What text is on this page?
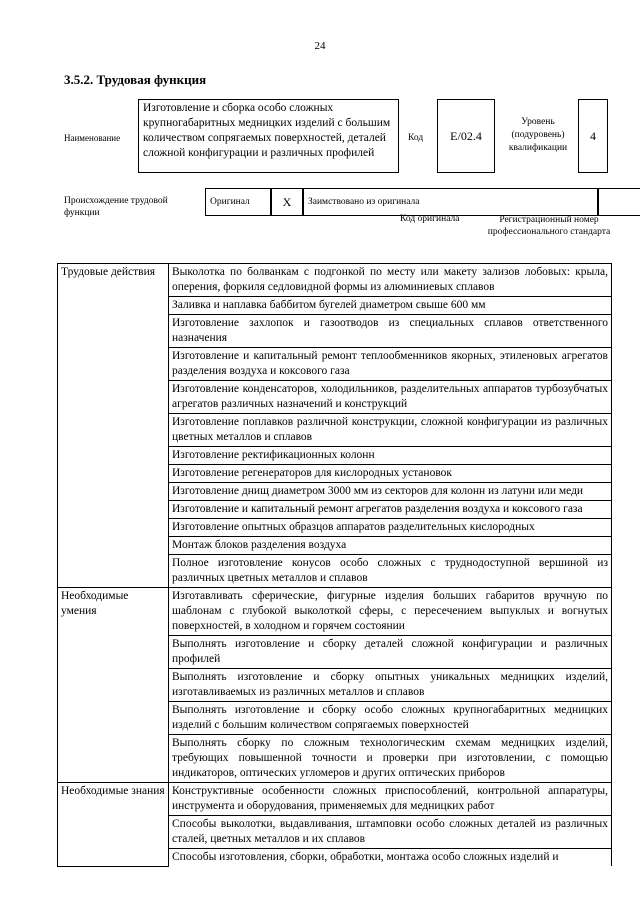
24
3.5.2. Трудовая функция
Наименование
Изготовление и сборка особо сложных крупногабаритных медницких изделий с большим количеством сопрягаемых поверхностей, деталей сложной конфигурации и различных профилей
Код	E/02.4
Уровень (подуровень) квалификации
4
Происхождение трудовой функции
Оригинал	X	Заимствовано из оригинала
Код оригинала	Регистрационный номер профессионального стандарта
Трудовые действия	Выколотка по болванкам с подгонкой по месту или макету зализов лобовых: крыла, оперения, форкиля седловидной формы из алюминиевых сплавов
	Заливка и наплавка баббитом бугелей диаметром свыше 600 мм
	Изготовление захлопок и газоотводов из специальных сплавов ответственного назначения
	Изготовление и капитальный ремонт теплообменников якорных, этиленовых агрегатов разделения воздуха и коксового газа
	Изготовление конденсаторов, холодильников, разделительных аппаратов турбозубчатых агрегатов различных назначений и конструкций
	Изготовление поплавков различной конструкции, сложной конфигурации из различных цветных металлов и сплавов
	Изготовление ректификационных колонн
	Изготовление регенераторов для кислородных установок
	Изготовление днищ диаметром 3000 мм из секторов для колонн из латуни или меди
	Изготовление и капитальный ремонт агрегатов разделения воздуха и коксового газа
	Изготовление опытных образцов аппаратов разделительных кислородных
	Монтаж блоков разделения воздуха
	Полное изготовление конусов особо сложных с труднодоступной вершиной из различных цветных металлов и сплавов
Необходимые умения	Изготавливать сферические, фигурные изделия больших габаритов вручную по шаблонам с глубокой выколоткой сферы, с пересечением выпуклых и вогнутых поверхностей, в холодном и горячем состоянии
	Выполнять изготовление и сборку деталей сложной конфигурации и различных профилей
	Выполнять изготовление и сборку опытных уникальных медницких изделий, изготавливаемых из различных металлов и сплавов
	Выполнять изготовление и сборку особо сложных крупногабаритных медницких изделий с большим количеством сопрягаемых поверхностей
	Выполнять сборку по сложным технологическим схемам медницких изделий, требующих повышенной точности и проверки при изготовлении, с помощью индикаторов, оптических угломеров и других оптических приборов
Необходимые знания	Конструктивные особенности сложных приспособлений, контрольной аппаратуры, инструмента и оборудования, применяемых для медницких работ
	Способы выколотки, выдавливания, штамповки особо сложных деталей из различных сталей, цветных металлов и их сплавов
	Способы изготовления, сборки, обработки, монтажа особо сложных изделий и
